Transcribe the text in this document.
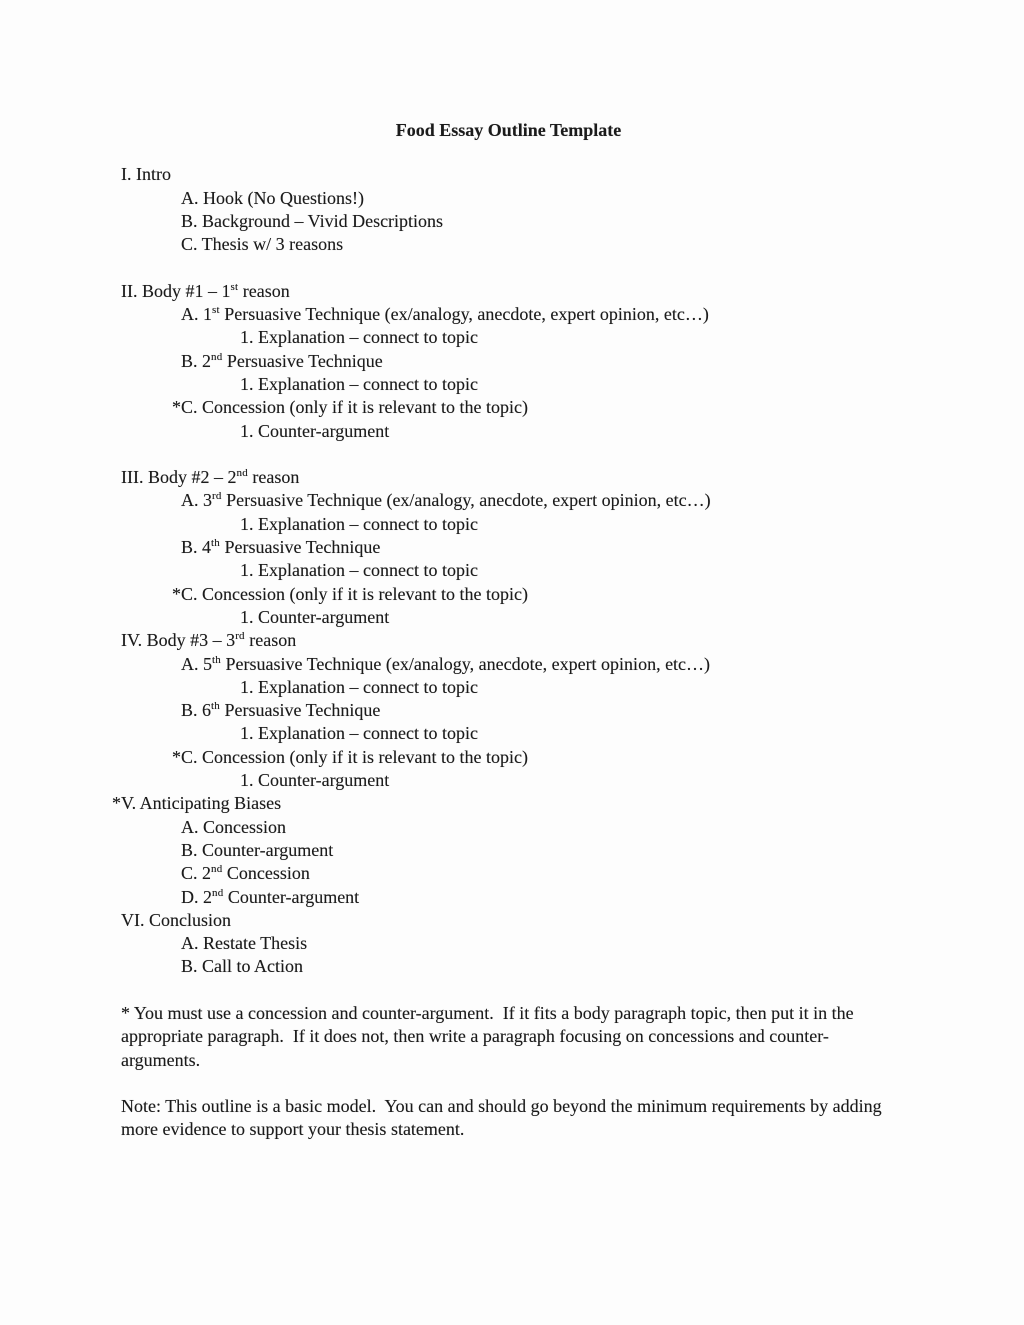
Food Essay Outline Template
I. Intro
A. Hook (No Questions!)
B. Background – Vivid Descriptions
C. Thesis w/ 3 reasons
II. Body #1 – 1st reason
A. 1st Persuasive Technique (ex/analogy, anecdote, expert opinion, etc…)
1. Explanation – connect to topic
B. 2nd Persuasive Technique
1. Explanation – connect to topic
*C. Concession (only if it is relevant to the topic)
1. Counter-argument
III. Body #2 – 2nd reason
A. 3rd Persuasive Technique (ex/analogy, anecdote, expert opinion, etc…)
1. Explanation – connect to topic
B. 4th Persuasive Technique
1. Explanation – connect to topic
*C. Concession (only if it is relevant to the topic)
1. Counter-argument
IV. Body #3 – 3rd reason
A. 5th Persuasive Technique (ex/analogy, anecdote, expert opinion, etc…)
1. Explanation – connect to topic
B. 6th Persuasive Technique
1. Explanation – connect to topic
*C. Concession (only if it is relevant to the topic)
1. Counter-argument
*V. Anticipating Biases
A. Concession
B. Counter-argument
C. 2nd Concession
D. 2nd Counter-argument
VI. Conclusion
A. Restate Thesis
B. Call to Action

* You must use a concession and counter-argument.  If it fits a body paragraph topic, then put it in the appropriate paragraph.  If it does not, then write a paragraph focusing on concessions and counter-arguments.

Note: This outline is a basic model.  You can and should go beyond the minimum requirements by adding more evidence to support your thesis statement.
